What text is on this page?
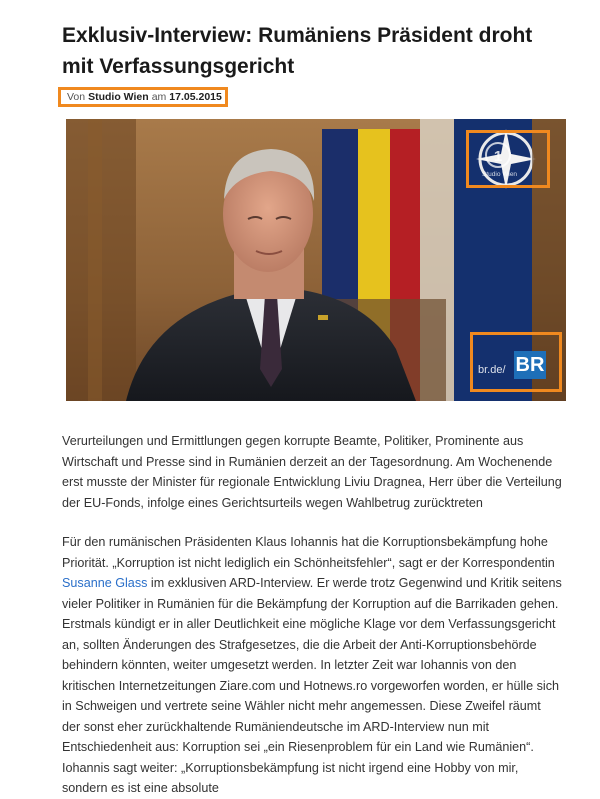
Exklusiv-Interview: Rumäniens Präsident droht mit Verfassungsgericht
Von Studio Wien am 17.05.2015
1
Studio Wien
br.de/ BR

Verurteilungen und Ermittlungen gegen korrupte Beamte, Politiker, Prominente aus Wirtschaft und Presse sind in Rumänien derzeit an der Tagesordnung. Am Wochenende erst musste der Minister für regionale Entwicklung Liviu Dragnea, Herr über die Verteilung der EU-Fonds, infolge eines Gerichtsurteils wegen Wahlbetrug zurücktreten

Für den rumänischen Präsidenten Klaus Iohannis hat die Korruptionsbekämpfung hohe Priorität. „Korruption ist nicht lediglich ein Schönheitsfehler“, sagt er der Korrespondentin Susanne Glass im exklusiven ARD-Interview. Er werde trotz Gegenwind und Kritik seitens vieler Politiker in Rumänien für die Bekämpfung der Korruption auf die Barrikaden gehen. Erstmals kündigt er in aller Deutlichkeit eine mögliche Klage vor dem Verfassungsgericht an, sollten Änderungen des Strafgesetzes, die die Arbeit der Anti-Korruptionsbehörde behindern könnten, weiter umgesetzt werden. In letzter Zeit war Iohannis von den kritischen Internetzeitungen Ziare.com und Hotnews.ro vorgeworfen worden, er hülle sich in Schweigen und vertrete seine Wähler nicht mehr angemessen. Diese Zweifel räumt der sonst eher zurückhaltende Rumäniendeutsche im ARD-Interview nun mit Entschiedenheit aus: Korruption sei „ein Riesenproblem für ein Land wie Rumänien“. Iohannis sagt weiter: „Korruptionsbekämpfung ist nicht irgend eine Hobby von mir, sondern es ist eine absolute
